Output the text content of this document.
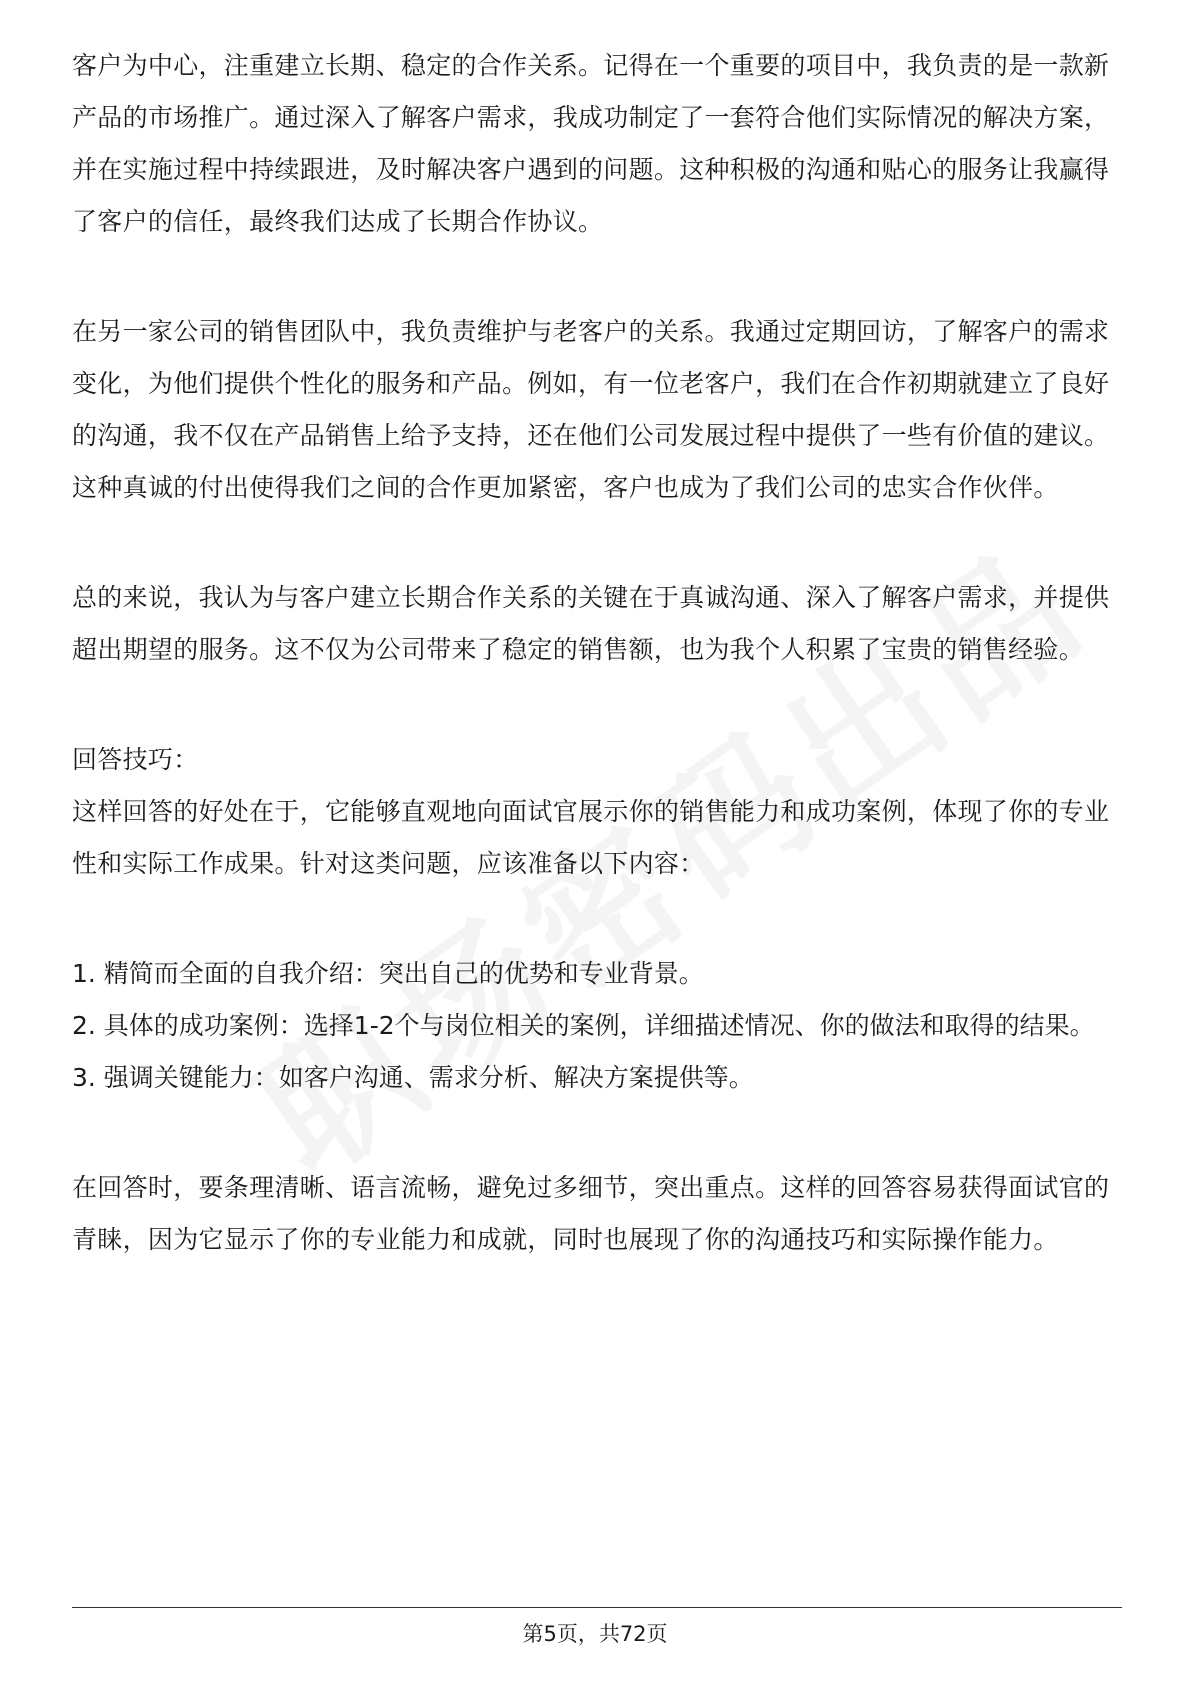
客户为中心，注重建立长期、稳定的合作关系。记得在一个重要的项目中，我负责的是一款新产品的市场推广。通过深入了解客户需求，我成功制定了一套符合他们实际情况的解决方案，并在实施过程中持续跟进，及时解决客户遇到的问题。这种积极的沟通和贴心的服务让我赢得了客户的信任，最终我们达成了长期合作协议。

在另一家公司的销售团队中，我负责维护与老客户的关系。我通过定期回访，了解客户的需求变化，为他们提供个性化的服务和产品。例如，有一位老客户，我们在合作初期就建立了良好的沟通，我不仅在产品销售上给予支持，还在他们公司发展过程中提供了一些有价值的建议。这种真诚的付出使得我们之间的合作更加紧密，客户也成为了我们公司的忠实合作伙伴。

总的来说，我认为与客户建立长期合作关系的关键在于真诚沟通、深入了解客户需求，并提供超出期望的服务。这不仅为公司带来了稳定的销售额，也为我个人积累了宝贵的销售经验。

回答技巧：

这样回答的好处在于，它能够直观地向面试官展示你的销售能力和成功案例，体现了你的专业性和实际工作成果。针对这类问题，应该准备以下内容：

1. 精简而全面的自我介绍：突出自己的优势和专业背景。
2. 具体的成功案例：选择1-2个与岗位相关的案例，详细描述情况、你的做法和取得的结果。
3. 强调关键能力：如客户沟通、需求分析、解决方案提供等。

在回答时，要条理清晰、语言流畅，避免过多细节，突出重点。这样的回答容易获得面试官的青睐，因为它显示了你的专业能力和成就，同时也展现了你的沟通技巧和实际操作能力。

第5页，共72页
